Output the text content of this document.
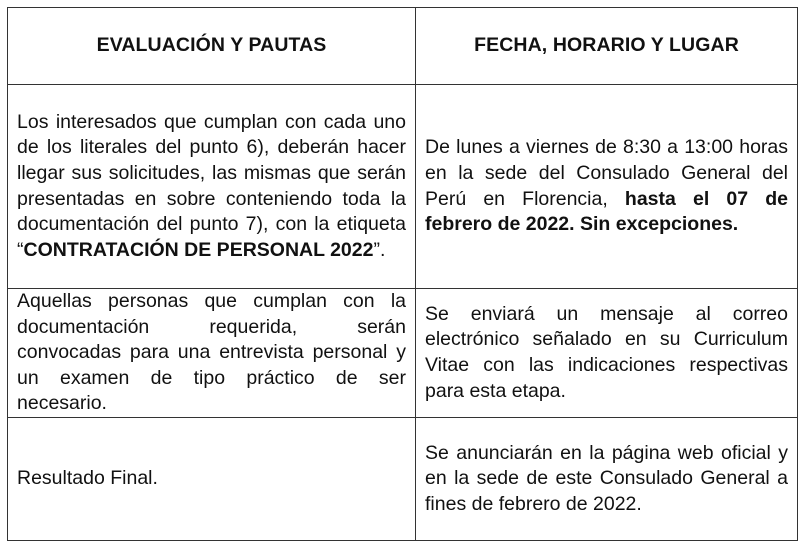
EVALUACIÓN Y PAUTAS	FECHA, HORARIO Y LUGAR
Los interesados que cumplan con cada uno de los literales del punto 6), deberán hacer llegar sus solicitudes, las mismas que serán presentadas en sobre conteniendo toda la documentación del punto 7), con la etiqueta “CONTRATACIÓN DE PERSONAL 2022”.	De lunes a viernes de 8:30 a 13:00 horas en la sede del Consulado General del Perú en Florencia, hasta el 07 de febrero de 2022. Sin excepciones.
Aquellas personas que cumplan con la documentación requerida, serán convocadas para una entrevista personal y un examen de tipo práctico de ser necesario.	Se enviará un mensaje al correo electrónico señalado en su Curriculum Vitae con las indicaciones respectivas para esta etapa.
Resultado Final.	Se anunciarán en la página web oficial y en la sede de este Consulado General a fines de febrero de 2022.
